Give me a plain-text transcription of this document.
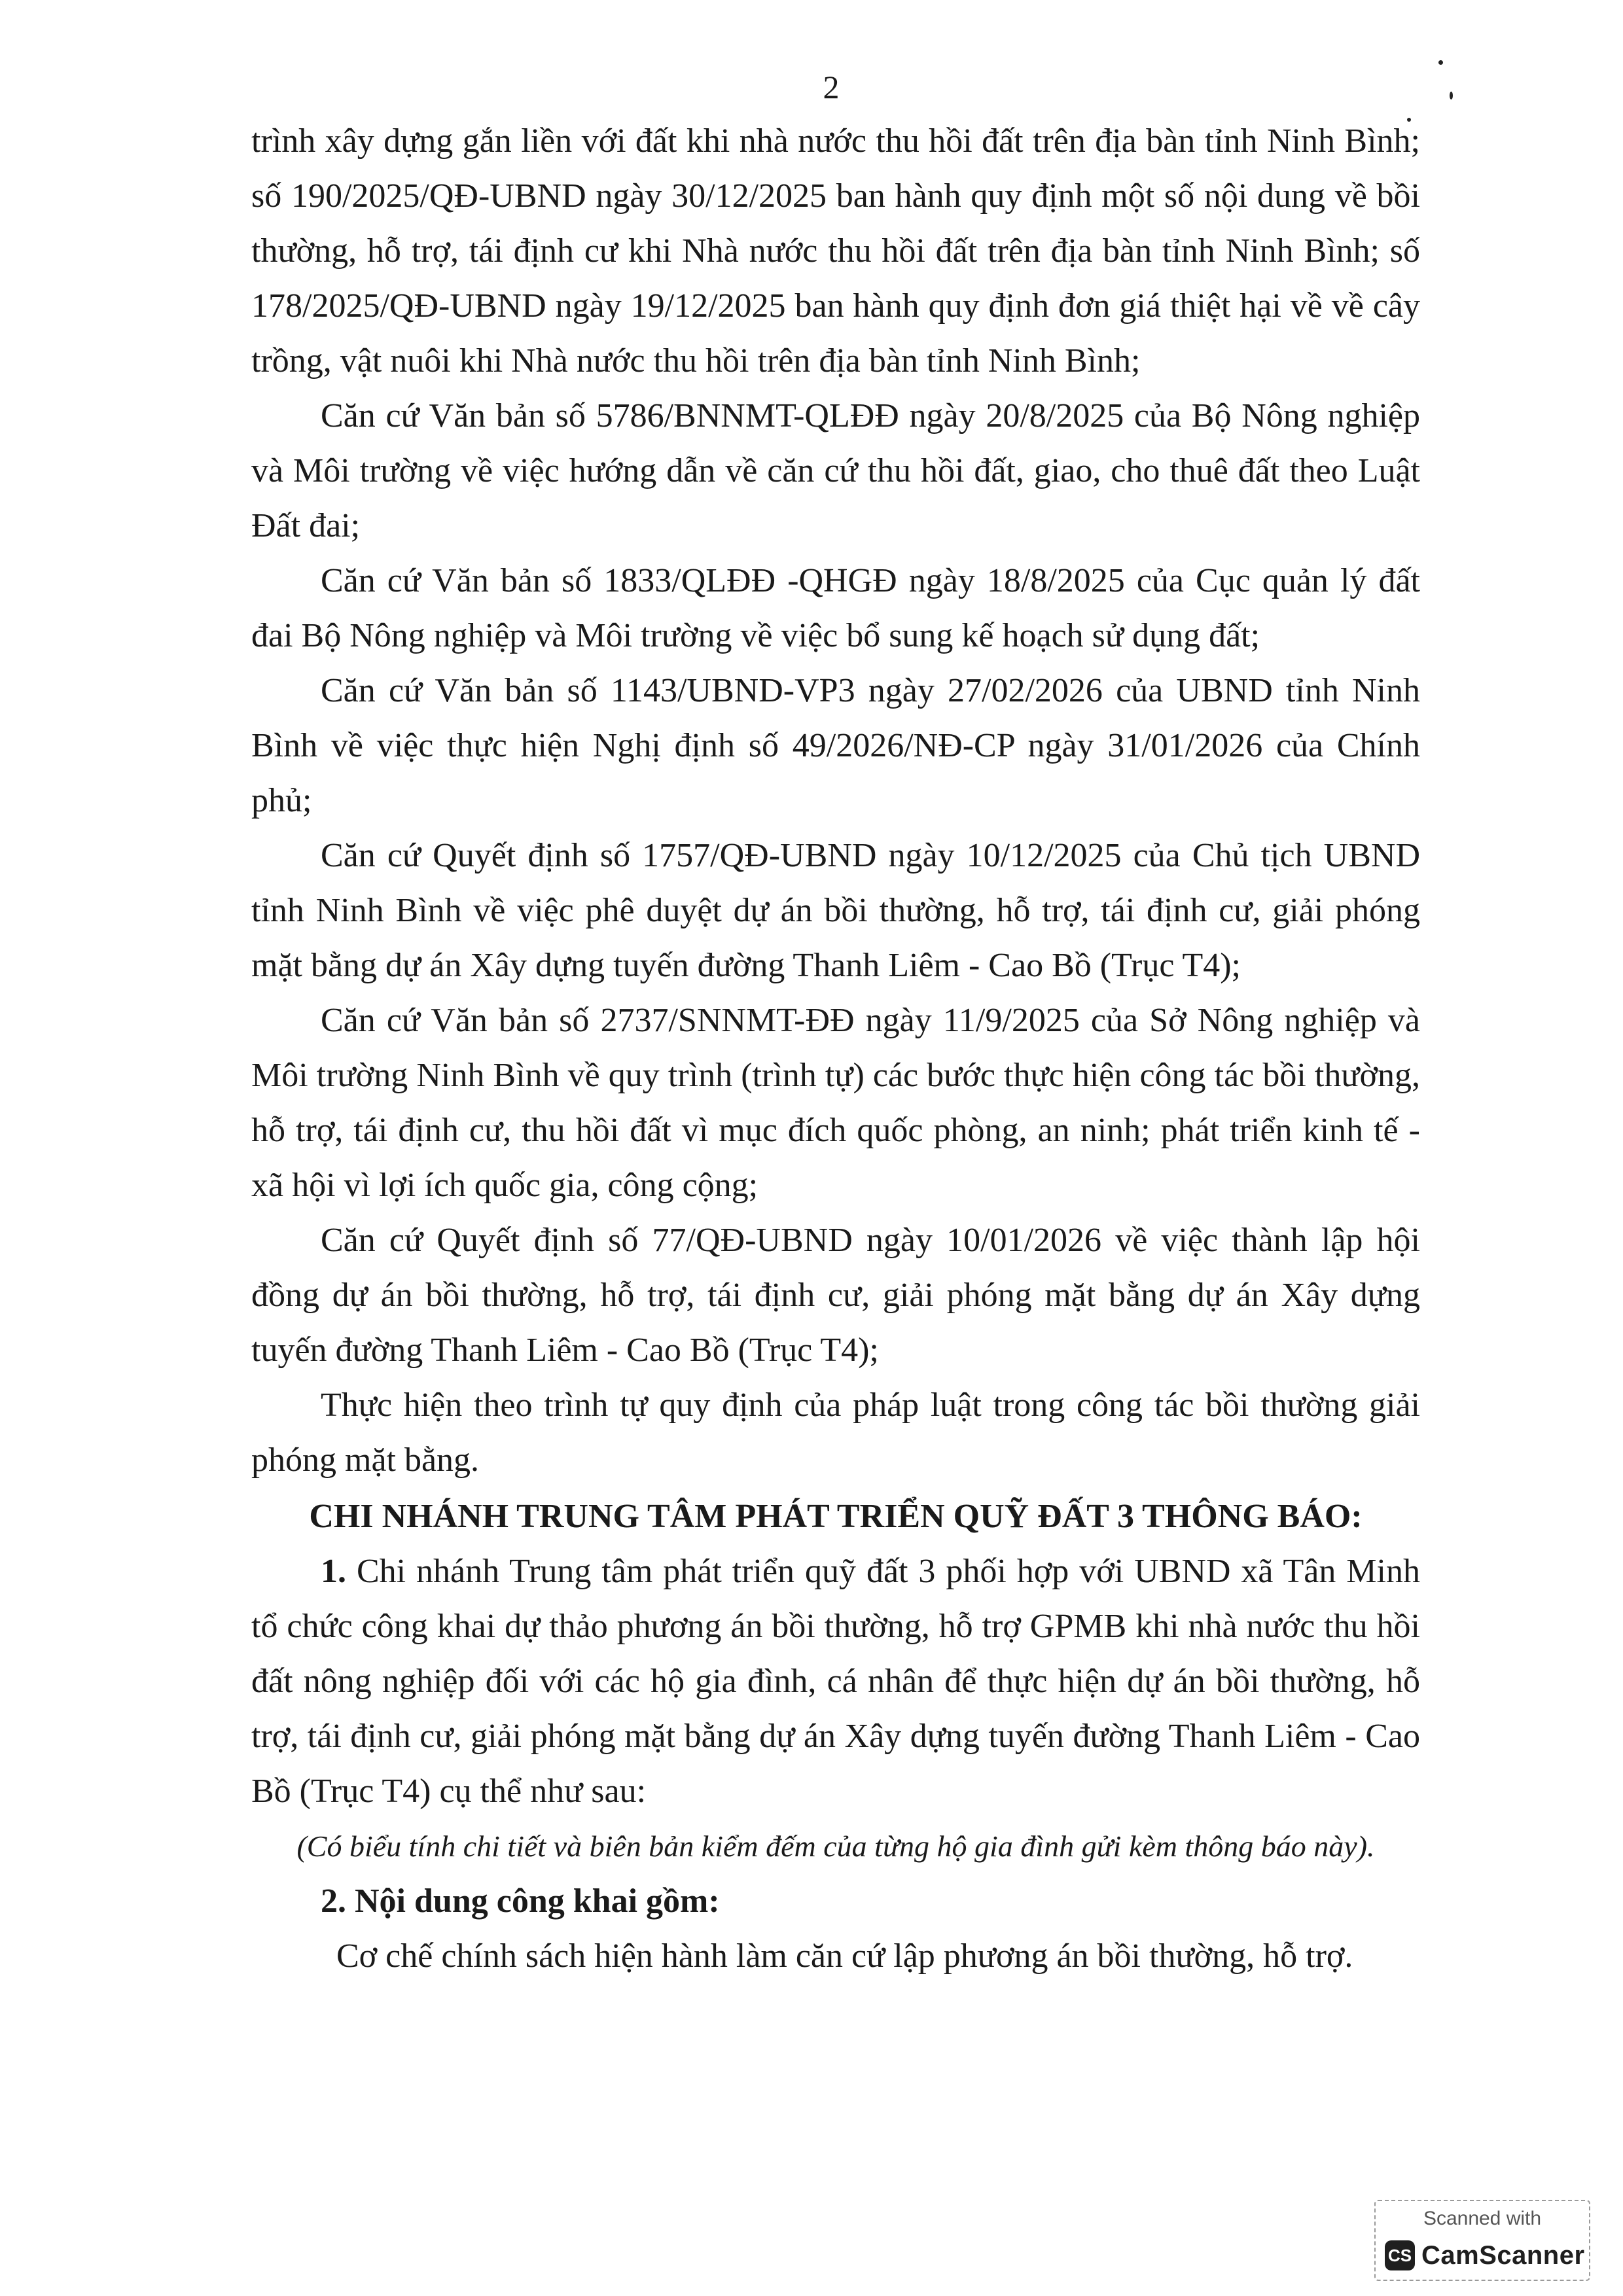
2

trình xây dựng gắn liền với đất khi nhà nước thu hồi đất trên địa bàn tỉnh Ninh Bình; số 190/2025/QĐ-UBND ngày 30/12/2025 ban hành quy định một số nội dung về bồi thường, hỗ trợ, tái định cư khi Nhà nước thu hồi đất trên địa bàn tỉnh Ninh Bình; số 178/2025/QĐ-UBND ngày 19/12/2025 ban hành quy định đơn giá thiệt hại về về cây trồng, vật nuôi khi Nhà nước thu hồi trên địa bàn tỉnh Ninh Bình;

Căn cứ Văn bản số 5786/BNNMT-QLĐĐ ngày 20/8/2025 của Bộ Nông nghiệp và Môi trường về việc hướng dẫn về căn cứ thu hồi đất, giao, cho thuê đất theo Luật Đất đai;

Căn cứ Văn bản số 1833/QLĐĐ -QHGĐ ngày 18/8/2025 của Cục quản lý đất đai Bộ Nông nghiệp và Môi trường về việc bổ sung kế hoạch sử dụng đất;

Căn cứ Văn bản số 1143/UBND-VP3 ngày 27/02/2026 của UBND tỉnh Ninh Bình về việc thực hiện Nghị định số 49/2026/NĐ-CP ngày 31/01/2026 của Chính phủ;

Căn cứ Quyết định số 1757/QĐ-UBND ngày 10/12/2025 của Chủ tịch UBND tỉnh Ninh Bình về việc phê duyệt dự án bồi thường, hỗ trợ, tái định cư, giải phóng mặt bằng dự án Xây dựng tuyến đường Thanh Liêm - Cao Bồ (Trục T4);

Căn cứ Văn bản số 2737/SNNMT-ĐĐ ngày 11/9/2025 của Sở Nông nghiệp và Môi trường Ninh Bình về quy trình (trình tự) các bước thực hiện công tác bồi thường, hỗ trợ, tái định cư, thu hồi đất vì mục đích quốc phòng, an ninh; phát triển kinh tế - xã hội vì lợi ích quốc gia, công cộng;

Căn cứ Quyết định số 77/QĐ-UBND ngày 10/01/2026 về việc thành lập hội đồng dự án bồi thường, hỗ trợ, tái định cư, giải phóng mặt bằng dự án Xây dựng tuyến đường Thanh Liêm - Cao Bồ (Trục T4);

Thực hiện theo trình tự quy định của pháp luật trong công tác bồi thường giải phóng mặt bằng.

CHI NHÁNH TRUNG TÂM PHÁT TRIỂN QUỸ ĐẤT 3 THÔNG BÁO:

1. Chi nhánh Trung tâm phát triển quỹ đất 3 phối hợp với UBND xã Tân Minh tổ chức công khai dự thảo phương án bồi thường, hỗ trợ GPMB khi nhà nước thu hồi đất nông nghiệp đối với các hộ gia đình, cá nhân để thực hiện dự án bồi thường, hỗ trợ, tái định cư, giải phóng mặt bằng dự án Xây dựng tuyến đường Thanh Liêm - Cao Bồ (Trục T4) cụ thể như sau:

(Có biểu tính chi tiết và biên bản kiểm đếm của từng hộ gia đình gửi kèm thông báo này).

2. Nội dung công khai gồm:

Cơ chế chính sách hiện hành làm căn cứ lập phương án bồi thường, hỗ trợ.

Scanned with
CS CamScanner
